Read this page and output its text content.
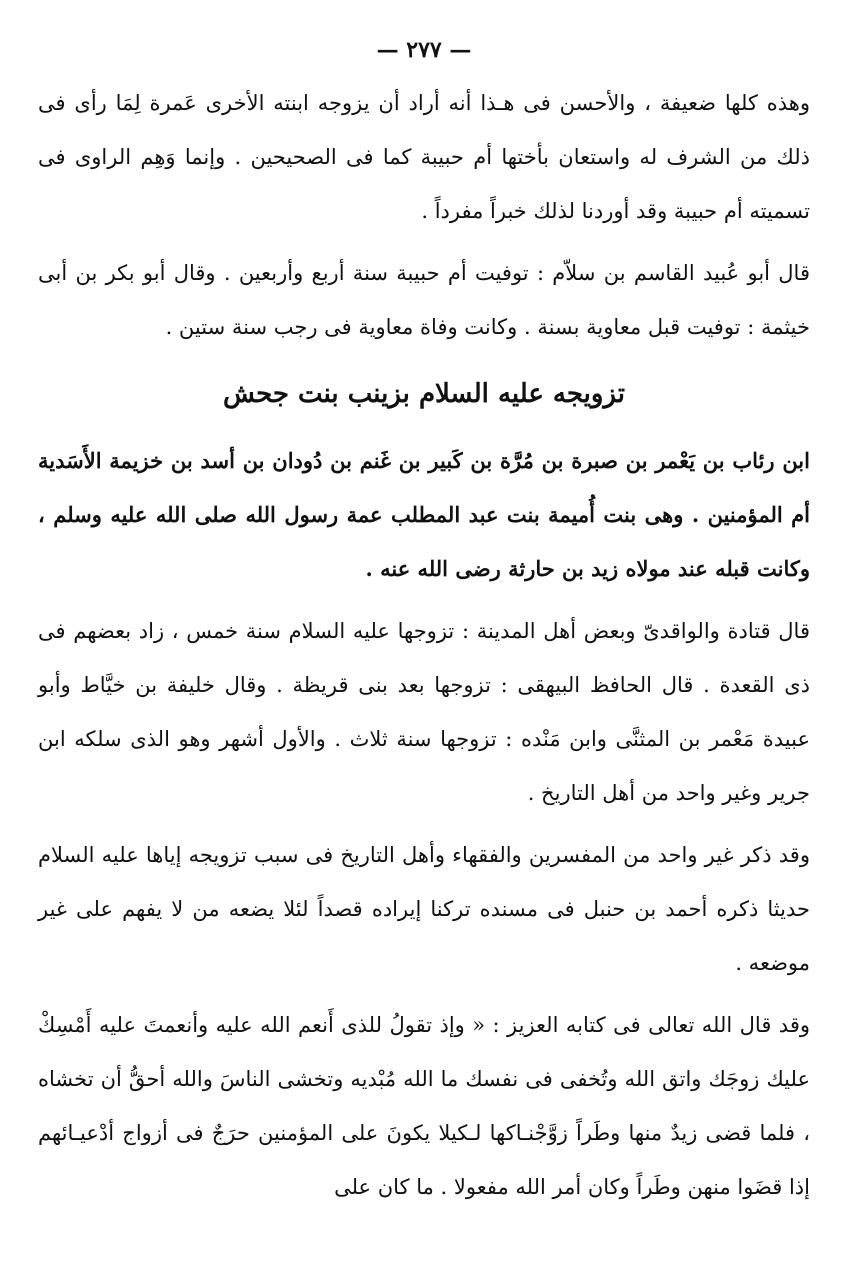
— ٢٧٧ —

وهذه كلها ضعيفة ، والأحسن فى هـذا أنه أراد أن يزوجه ابنته الأخرى عَمرة لِمَا رأى فى ذلك من الشرف له واستعان بأختها أم حبيبة كما فى الصحيحين . وإنما وَهِم الراوى فى تسميته أم حبيبة وقد أوردنا لذلك خبراً مفرداً .

قال أبو عُبيد القاسم بن سلاّم : توفيت أم حبيبة سنة أربع وأربعين . وقال أبو بكر بن أبى خيثمة : توفيت قبل معاوية بسنة . وكانت وفاة معاوية فى رجب سنة ستين .

تزويجه عليه السلام بزينب بنت جحش

ابن رئاب بن يَعْمر بن صبرة بن مُرَّة بن كَبير بن غَنم بن دُودان بن أسد بن خزيمة الأَسَدية أم المؤمنين . وهى بنت أُميمة بنت عبد المطلب عمة رسول الله صلى الله عليه وسلم ، وكانت قبله عند مولاه زيد بن حارثة رضى الله عنه .

قال قتادة والواقدىّ وبعض أهل المدينة : تزوجها عليه السلام سنة خمس ، زاد بعضهم فى ذى القعدة . قال الحافظ البيهقى : تزوجها بعد بنى قريظة . وقال خليفة بن خيَّاط وأبو عبيدة مَعْمر بن المثنَّى وابن مَنْده : تزوجها سنة ثلاث . والأول أشهر وهو الذى سلكه ابن جرير وغير واحد من أهل التاريخ .

وقد ذكر غير واحد من المفسرين والفقهاء وأهل التاريخ فى سبب تزويجه إياها عليه السلام حديثا ذكره أحمد بن حنبل فى مسنده تركنا إيراده قصداً لئلا يضعه من لا يفهم على غير موضعه .

وقد قال الله تعالى فى كتابه العزيز : « وإذ تقولُ للذى أَنعم الله عليه وأنعمتَ عليه أَمْسِكْ عليك زوجَك واتق الله وتُخفى فى نفسك ما الله مُبْديه وتخشى الناسَ والله أحقُّ أن تخشاه ، فلما قضى زيدٌ منها وطَراً زوَّجْنـاكها لـكيلا يكونَ على المؤمنين حرَجٌ فى أزواج أدْعيـائهم إذا قضَوا منهن وطَراً وكان أمر الله مفعولا . ما كان على
